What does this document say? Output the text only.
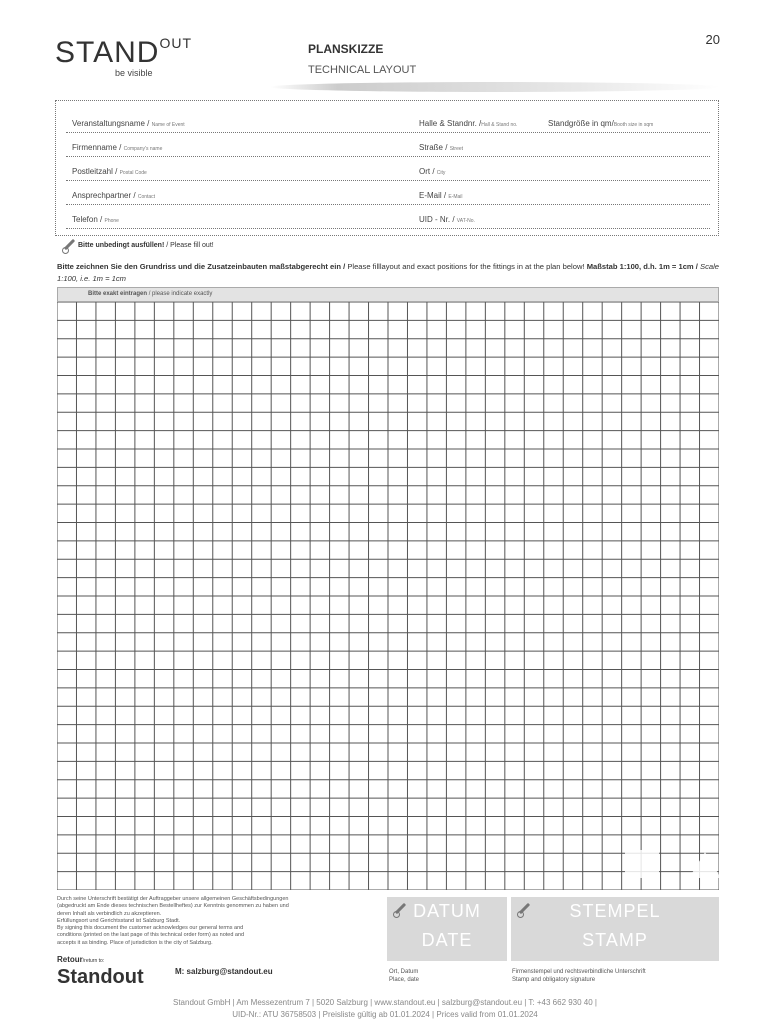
20
STANDOUT
be visible
PLANSKIZZE
TECHNICAL LAYOUT
Veranstaltungsname / Name of Event	Halle & Standnr. /Hall & Stand no.	Standgröße in qm/Booth size in sqm
Firmenname / Company's name	Straße / Street
Postleitzahl / Postal Code	Ort / City
Ansprechpartner / Contact	E-Mail / E-Mail
Telefon / Phone	UID - Nr. / VAT-No.
Bitte unbedingt ausfüllen! / Please fill out!
Bitte zeichnen Sie den Grundriss und die Zusatzeinbauten maßstabgerecht ein / Please filllayout and exact positions for the fittings in at the plan below! Maßstab 1:100, d.h. 1m = 1cm / Scale 1:100, i.e. 1m = 1cm
Bitte exakt eintragen / please indicate exactly
Durch seine Unterschrift bestätigt der Auftraggeber unsere allgemeinen Geschäftsbedingungen
(abgedruckt am Ende dieses technischen Bestellheftes) zur Kenntnis genommen zu haben und
deren Inhalt als verbindlich zu akzeptieren.
Erfüllungsort und Gerichtsstand ist Salzburg Stadt.
By signing this document the customer acknowledges our general terms and
conditions (printed on the last page of this technical order form) as noted and
accepts it as binding. Place of jurisdiction is the city of Salzburg.
Retour/return to:
Standout	M: salzburg@standout.eu
DATUM
DATE
STEMPEL
STAMP
Ort, Datum
Place, date
Firmenstempel und rechtsverbindliche Unterschrift
Stamp and obligatory signature
Standout GmbH | Am Messezentrum 7 | 5020 Salzburg | www.standout.eu | salzburg@standout.eu | T: +43 662 930 40 |
UID-Nr.: ATU 36758503 | Preisliste gültig ab 01.01.2024 | Prices valid from 01.01.2024
